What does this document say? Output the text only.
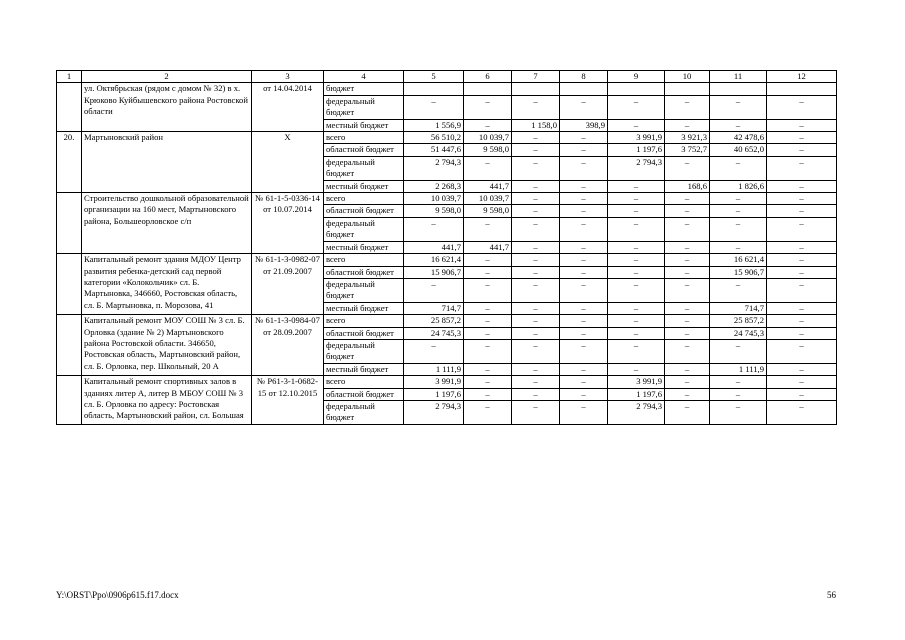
1	2	3	4	5	6	7	8	9	10	11	12
	ул. Октябрьская (рядом с домом № 32) в х. Крюково Куйбышевского района Ростовской области	от 14.04.2014	бюджет								
			федеральный бюджет	–	–	–	–	–	–	–	–
			местный бюджет	1 556,9	–	1 158,0	398,9	–	–	–	–
20.	Мартыновский район	Х	всего	56 510,2	10 039,7	–	–	3 991,9	3 921,3	42 478,6	–
			областной бюджет	51 447,6	9 598,0	–	–	1 197,6	3 752,7	40 652,0	–
			федеральный бюджет	2 794,3	–	–	–	2 794,3	–	–	–
			местный бюджет	2 268,3	441,7	–	–	–	168,6	1 826,6	–
	Строительство дошкольной образовательной организации на 160 мест, Мартыновского района, Большеорловское с/п	№ 61-1-5-0336-14 от 10.07.2014	всего	10 039,7	10 039,7	–	–	–	–	–	–
			областной бюджет	9 598,0	9 598,0	–	–	–	–	–	–
			федеральный бюджет	–	–	–	–	–	–	–	–
			местный бюджет	441,7	441,7	–	–	–	–	–	–
	Капитальный ремонт здания МДОУ Центр развития ребенка-детский сад первой категории «Колокольчик» сл. Б. Мартыновка, 346660, Ростовская область, сл. Б. Мартыновка, п. Морозова, 41	№ 61-1-3-0982-07 от 21.09.2007	всего	16 621,4	–	–	–	–	–	16 621,4	–
			областной бюджет	15 906,7	–	–	–	–	–	15 906,7	–
			федеральный бюджет	–	–	–	–	–	–	–	–
			местный бюджет	714,7	–	–	–	–	–	714,7	–
	Капитальный ремонт МОУ СОШ № 3 сл. Б. Орловка (здание № 2) Мартыновского района Ростовской области. 346650, Ростовская область, Мартыновский район, сл. Б. Орловка, пер. Школьный, 20 А	№ 61-1-3-0984-07 от 28.09.2007	всего	25 857,2	–	–	–	–	–	25 857,2	–
			областной бюджет	24 745,3	–	–	–	–	–	24 745,3	–
			федеральный бюджет	–	–	–	–	–	–	–	–
			местный бюджет	1 111,9	–	–	–	–	–	1 111,9	–
	Капитальный ремонт спортивных залов в зданиях литер А, литер В МБОУ СОШ № 3 сл. Б. Орловка по адресу: Ростовская область, Мартыновский район, сл. Большая	№ Р61-3-1-0682-15 от 12.10.2015	всего	3 991,9	–	–	–	3 991,9	–	–	–
			областной бюджет	1 197,6	–	–	–	1 197,6	–	–	–
			федеральный бюджет	2 794,3	–	–	–	2 794,3	–	–	–
Y:\ORST\Ppo\0906p615.f17.docx	56
